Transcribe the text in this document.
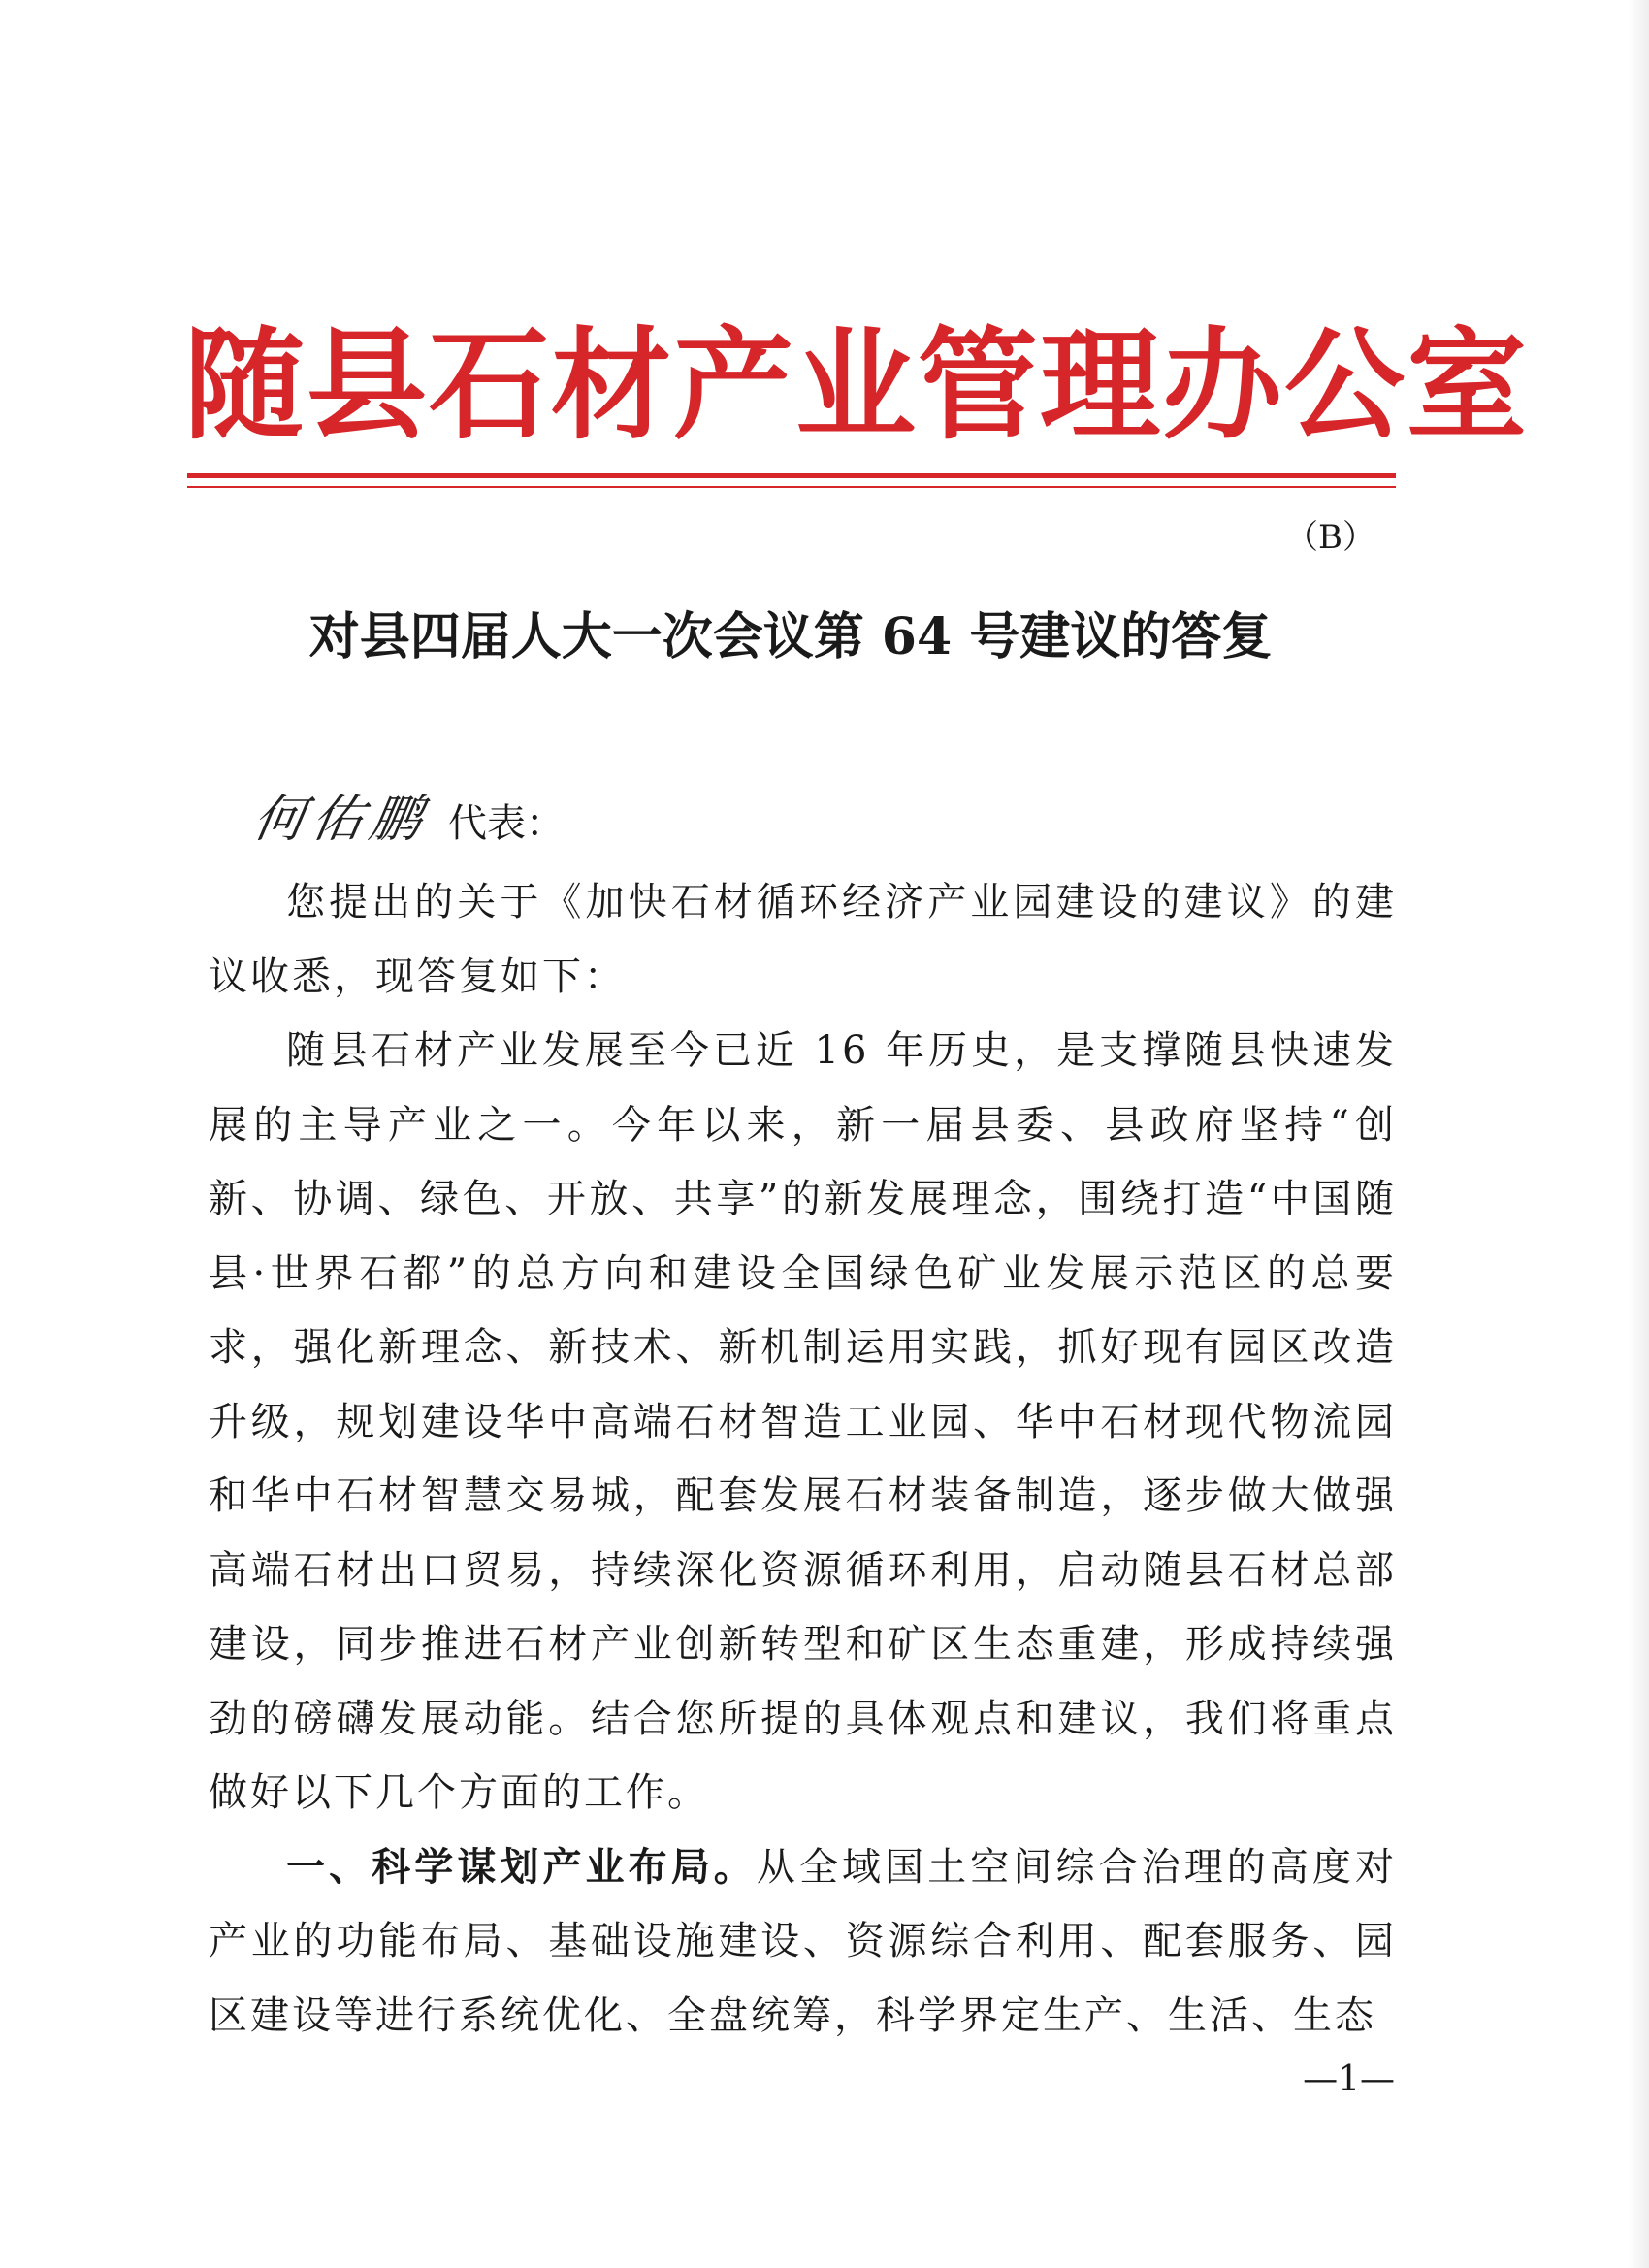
随县石材产业管理办公室
（B）
对县四届人大一次会议第 64 号建议的答复
何佑鹏 代表：

您提出的关于《加快石材循环经济产业园建设的建议》的建议收悉，现答复如下：

随县石材产业发展至今已近 16 年历史，是支撑随县快速发展的主导产业之一。今年以来，新一届县委、县政府坚持“创新、协调、绿色、开放、共享”的新发展理念，围绕打造“中国随县·世界石都”的总方向和建设全国绿色矿业发展示范区的总要求，强化新理念、新技术、新机制运用实践，抓好现有园区改造升级，规划建设华中高端石材智造工业园、华中石材现代物流园和华中石材智慧交易城，配套发展石材装备制造，逐步做大做强高端石材出口贸易，持续深化资源循环利用，启动随县石材总部建设，同步推进石材产业创新转型和矿区生态重建，形成持续强劲的磅礴发展动能。结合您所提的具体观点和建议，我们将重点做好以下几个方面的工作。

一、科学谋划产业布局。从全域国土空间综合治理的高度对产业的功能布局、基础设施建设、资源综合利用、配套服务、园区建设等进行系统优化、全盘统筹，科学界定生产、生活、生态

—1—
